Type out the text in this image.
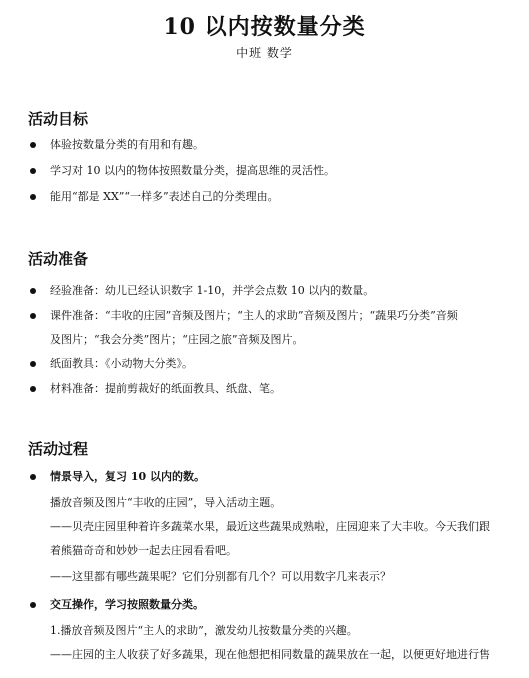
10 以内按数量分类
中班 数学
活动目标
体验按数量分类的有用和有趣。
学习对 10 以内的物体按照数量分类，提高思维的灵活性。
能用“都是 XX”“一样多”表述自己的分类理由。
活动准备
经验准备：幼儿已经认识数字 1-10，并学会点数 10 以内的数量。
课件准备：“丰收的庄园”音频及图片；“主人的求助”音频及图片；“蔬果巧分类”音频
及图片；“我会分类”图片；“庄园之旅”音频及图片。
纸面教具：《小动物大分类》。
材料准备：提前剪裁好的纸面教具、纸盘、笔。
活动过程
情景导入，复习 10 以内的数。
播放音频及图片“丰收的庄园”，导入活动主题。
——贝壳庄园里种着许多蔬菜水果，最近这些蔬果成熟啦，庄园迎来了大丰收。今天我们跟
着熊猫奇奇和妙妙一起去庄园看看吧。
——这里都有哪些蔬果呢？它们分别都有几个？可以用数字几来表示？
交互操作，学习按照数量分类。
1.播放音频及图片“主人的求助”，激发幼儿按数量分类的兴趣。
——庄园的主人收获了好多蔬果，现在他想把相同数量的蔬果放在一起，以便更好地进行售
